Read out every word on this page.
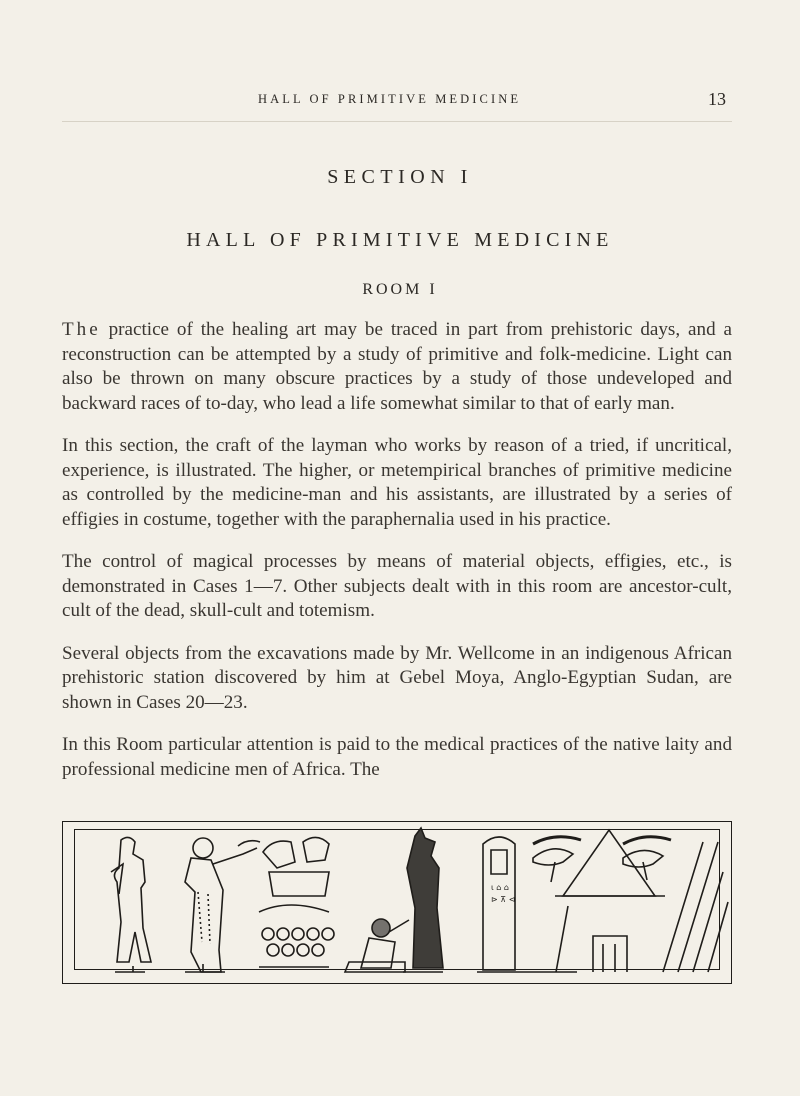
HALL OF PRIMITIVE MEDICINE	13
SECTION I
HALL OF PRIMITIVE MEDICINE
ROOM I

The practice of the healing art may be traced in part from prehistoric days, and a reconstruction can be attempted by a study of primitive and folk-medicine. Light can also be thrown on many obscure practices by a study of those undeveloped and backward races of to-day, who lead a life somewhat similar to that of early man.

In this section, the craft of the layman who works by reason of a tried, if uncritical, experience, is illustrated. The higher, or metempirical branches of primitive medicine as controlled by the medicine-man and his assistants, are illustrated by a series of effigies in costume, together with the paraphernalia used in his practice.

The control of magical processes by means of material objects, effigies, etc., is demonstrated in Cases 1—7. Other subjects dealt with in this room are ancestor-cult, cult of the dead, skull-cult and totemism.

Several objects from the excavations made by Mr. Wellcome in an indigenous African prehistoric station discovered by him at Gebel Moya, Anglo-Egyptian Sudan, are shown in Cases 20—23.

In this Room particular attention is paid to the medical practices of the native laity and professional medicine men of Africa. The

ι ⌂ ⌂
⊳ ⊼ ⊲
